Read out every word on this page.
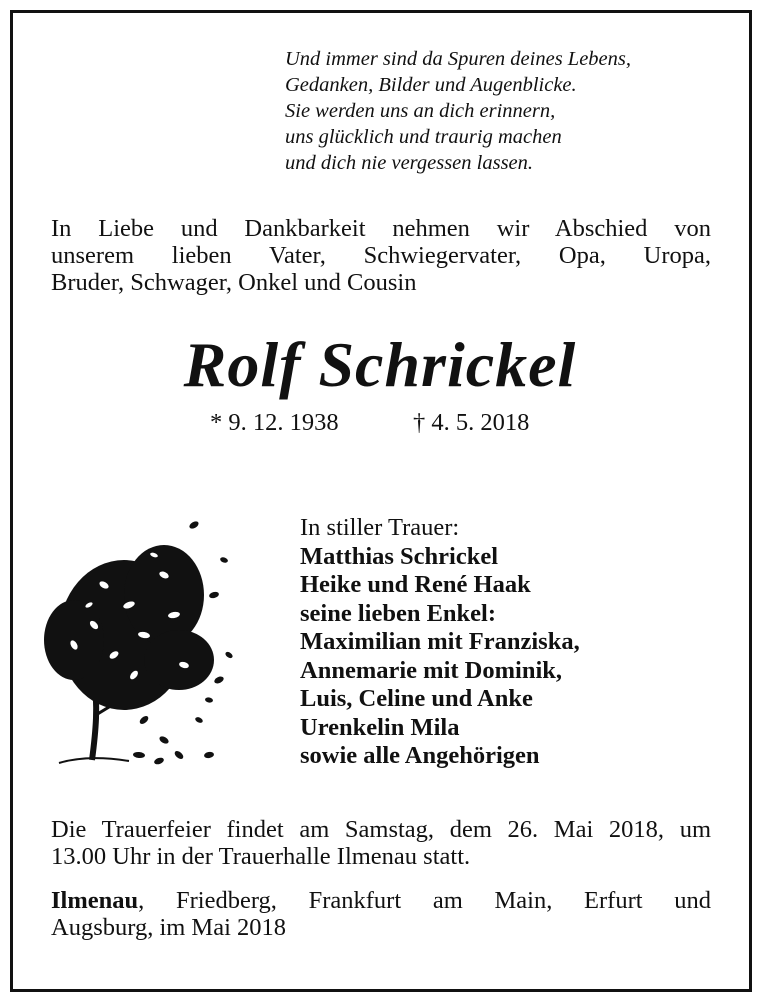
Und immer sind da Spuren deines Lebens,
Gedanken, Bilder und Augenblicke.
Sie werden uns an dich erinnern,
uns glücklich und traurig machen
und dich nie vergessen lassen.
In Liebe und Dankbarkeit nehmen wir Abschied von
unserem lieben Vater, Schwiegervater, Opa, Uropa,
Bruder, Schwager, Onkel und Cousin
Rolf Schrickel
* 9. 12. 1938	† 4. 5. 2018
In stiller Trauer:
Matthias Schrickel
Heike und René Haak
seine lieben Enkel:
Maximilian mit Franziska,
Annemarie mit Dominik,
Luis, Celine und Anke
Urenkelin Mila
sowie alle Angehörigen
Die Trauerfeier findet am Samstag, dem 26. Mai 2018, um
13.00 Uhr in der Trauerhalle Ilmenau statt.
Ilmenau, Friedberg, Frankfurt am Main, Erfurt und
Augsburg, im Mai 2018
